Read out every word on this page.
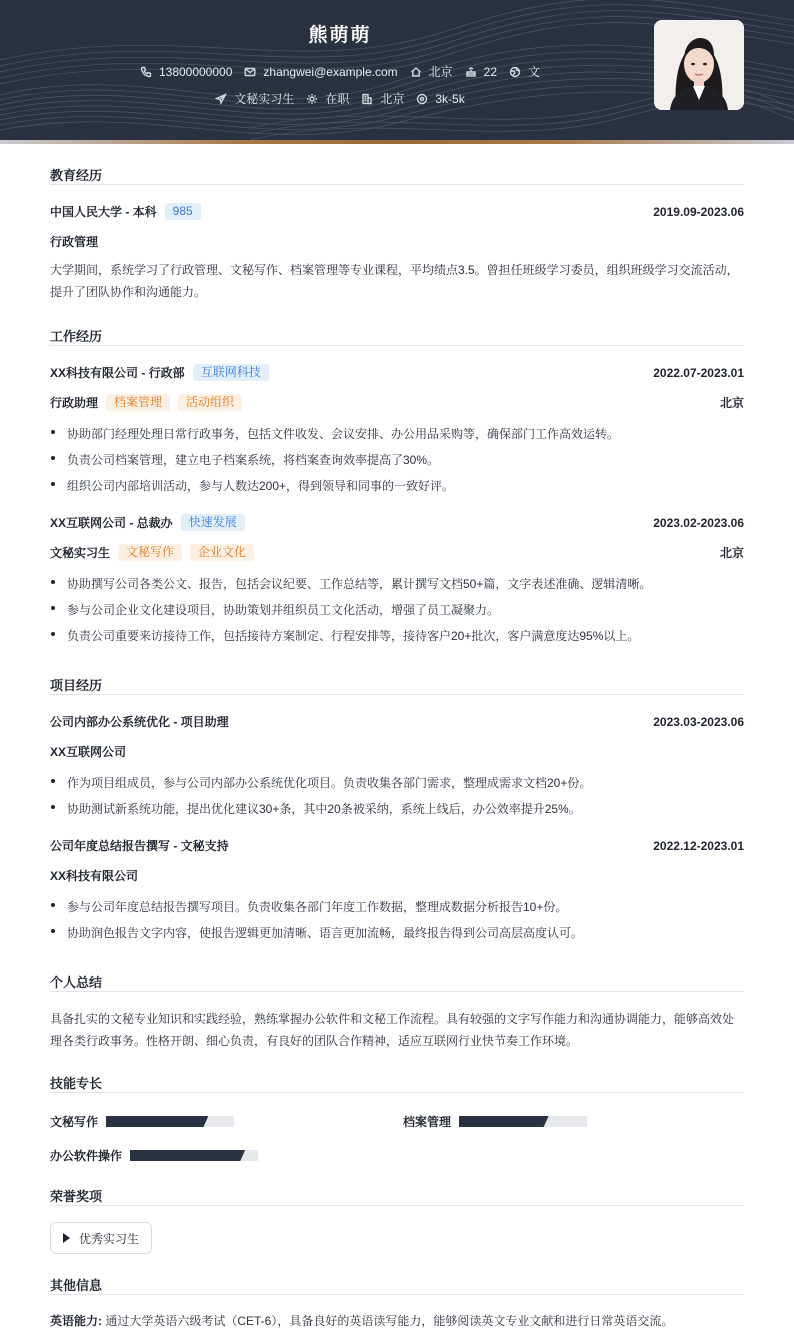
熊萌萌
13800000000	zhangwei@example.com	北京	22	文
文秘实习生	在职	北京	3k-5k
教育经历
中国人民大学 - 本科	985	2019.09-2023.06
行政管理
大学期间，系统学习了行政管理、文秘写作、档案管理等专业课程，平均绩点3.5。曾担任班级学习委员，组织班级学习交流活动，提升了团队协作和沟通能力。
工作经历
XX科技有限公司 - 行政部	互联网科技	2022.07-2023.01
行政助理	档案管理	活动组织	北京
协助部门经理处理日常行政事务，包括文件收发、会议安排、办公用品采购等，确保部门工作高效运转。
负责公司档案管理，建立电子档案系统，将档案查询效率提高了30%。
组织公司内部培训活动，参与人数达200+，得到领导和同事的一致好评。
XX互联网公司 - 总裁办	快速发展	2023.02-2023.06
文秘实习生	文秘写作	企业文化	北京
协助撰写公司各类公文、报告，包括会议纪要、工作总结等，累计撰写文档50+篇，文字表述准确、逻辑清晰。
参与公司企业文化建设项目，协助策划并组织员工文化活动，增强了员工凝聚力。
负责公司重要来访接待工作，包括接待方案制定、行程安排等，接待客户20+批次，客户满意度达95%以上。
项目经历
公司内部办公系统优化 - 项目助理	2023.03-2023.06
XX互联网公司
作为项目组成员，参与公司内部办公系统优化项目。负责收集各部门需求，整理成需求文档20+份。
协助测试新系统功能，提出优化建议30+条，其中20条被采纳，系统上线后，办公效率提升25%。
公司年度总结报告撰写 - 文秘支持	2022.12-2023.01
XX科技有限公司
参与公司年度总结报告撰写项目。负责收集各部门年度工作数据，整理成数据分析报告10+份。
协助润色报告文字内容，使报告逻辑更加清晰、语言更加流畅，最终报告得到公司高层高度认可。
个人总结
具备扎实的文秘专业知识和实践经验，熟练掌握办公软件和文秘工作流程。具有较强的文字写作能力和沟通协调能力，能够高效处理各类行政事务。性格开朗、细心负责，有良好的团队合作精神，适应互联网行业快节奏工作环境。
技能专长
文秘写作	档案管理
办公软件操作
荣誉奖项
优秀实习生
其他信息
英语能力: 通过大学英语六级考试（CET-6），具备良好的英语读写能力，能够阅读英文专业文献和进行日常英语交流。
